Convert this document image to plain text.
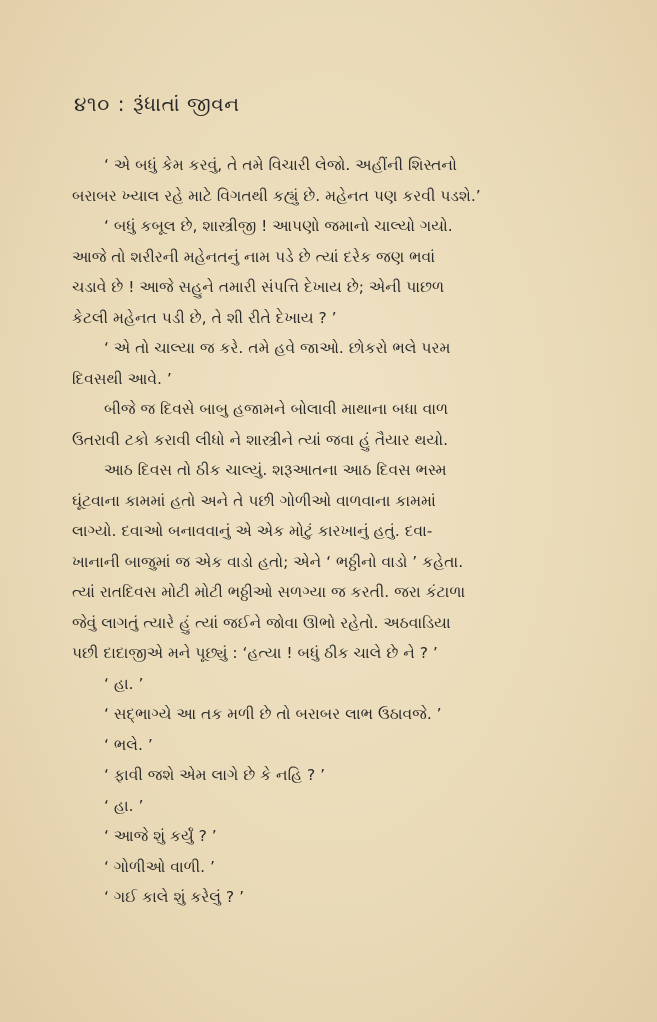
૪૧૦ : રૂંધાતાં જીવન
‘ એ બધું કેમ કરવું, તે તમે વિચારી લેજો. અહીંની શિસ્તનો
બરાબર ખ્યાલ રહે માટે વિગતથી કહ્યું છે. મહેનત પણ કરવી પડશે.’
‘ બધું કબૂલ છે, શાસ્ત્રીજી ! આપણો જમાનો ચાલ્યો ગયો.
આજે તો શરીરની મહેનતનું નામ પડે છે ત્યાં દરેક જણ ભવાં
ચડાવે છે ! આજે સહુને તમારી સંપત્તિ દેખાય છે; એની પાછળ
કેટલી મહેનત પડી છે, તે શી રીતે દેખાય ? ’
‘ એ તો ચાલ્યા જ કરે. તમે હવે જાઓ. છોકરો ભલે પરમ
દિવસથી આવે. ’
બીજે જ દિવસે બાબુ હજામને બોલાવી માથાના બધા વાળ
ઉતરાવી ટકો કરાવી લીધો ને શાસ્ત્રીને ત્યાં જવા હું તૈયાર થયો.
આઠ દિવસ તો ઠીક ચાલ્યું. શરૂઆતના આઠ દિવસ ભસ્મ
ઘૂંટવાના કામમાં હતો અને તે પછી ગોળીઓ વાળવાના કામમાં
લાગ્યો. દવાઓ બનાવવાનું એ એક મોટું કારખાનું હતું. દવા-
ખાનાની બાજુમાં જ એક વાડો હતો; એને ‘ ભઠ્ઠીનો વાડો ’ કહેતા.
ત્યાં રાતદિવસ મોટી મોટી ભઠ્ઠીઓ સળગ્યા જ કરતી. જરા કંટાળા
જેવું લાગતું ત્યારે હું ત્યાં જઈને જોવા ઊભો રહેતો. અઠવાડિયા
પછી દાદાજીએ મને પૂછ્યું : ‘હત્યા ! બધું ઠીક ચાલે છે ને ? ’
‘ હા. ’
‘ સદ્‌ભાગ્યે આ તક મળી છે તો બરાબર લાભ ઉઠાવજે. ’
‘ ભલે. ’
‘ ફાવી જશે એમ લાગે છે કે નહિ ? ’
‘ હા. ’
‘ આજે શું કર્યું ? ’
‘ ગોળીઓ વાળી. ’
‘ ગઈ કાલે શું કરેલું ? ’
